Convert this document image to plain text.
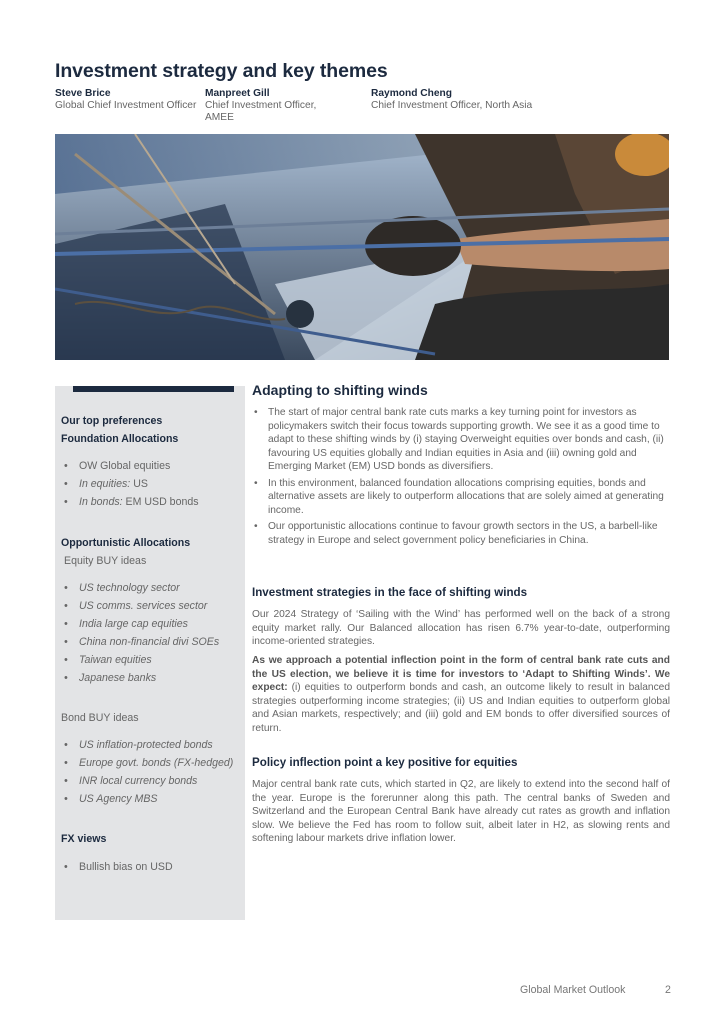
Investment strategy and key themes
Steve Brice
Global Chief Investment Officer
Manpreet Gill
Chief Investment Officer,
AMEE
Raymond Cheng
Chief Investment Officer, North Asia
Our top preferences
Foundation Allocations
• OW Global equities
• In equities: US
• In bonds: EM USD bonds
Opportunistic Allocations
Equity BUY ideas
• US technology sector
• US comms. services sector
• India large cap equities
• China non-financial divi SOEs
• Taiwan equities
• Japanese banks
Bond BUY ideas
• US inflation-protected bonds
• Europe govt. bonds (FX-hedged)
• INR local currency bonds
• US Agency MBS
FX views
• Bullish bias on USD
Adapting to shifting winds
• The start of major central bank rate cuts marks a key turning point for investors as policymakers switch their focus towards supporting growth. We see it as a good time to adapt to these shifting winds by (i) staying Overweight equities over bonds and cash, (ii) favouring US equities globally and Indian equities in Asia and (iii) owning gold and Emerging Market (EM) USD bonds as diversifiers.
• In this environment, balanced foundation allocations comprising equities, bonds and alternative assets are likely to outperform allocations that are solely aimed at generating income.
• Our opportunistic allocations continue to favour growth sectors in the US, a barbell-like strategy in Europe and select government policy beneficiaries in China.
Investment strategies in the face of shifting winds
Our 2024 Strategy of ‘Sailing with the Wind’ has performed well on the back of a strong equity market rally. Our Balanced allocation has risen 6.7% year-to-date, outperforming income-oriented strategies.
As we approach a potential inflection point in the form of central bank rate cuts and the US election, we believe it is time for investors to ‘Adapt to Shifting Winds’. We expect: (i) equities to outperform bonds and cash, an outcome likely to result in balanced strategies outperforming income strategies; (ii) US and Indian equities to outperform global and Asian markets, respectively; and (iii) gold and EM bonds to offer diversified sources of return.
Policy inflection point a key positive for equities
Major central bank rate cuts, which started in Q2, are likely to extend into the second half of the year. Europe is the forerunner along this path. The central banks of Sweden and Switzerland and the European Central Bank have already cut rates as growth and inflation slow. We believe the Fed has room to follow suit, albeit later in H2, as slowing rents and softening labour markets drive inflation lower.
Global Market Outlook	2
